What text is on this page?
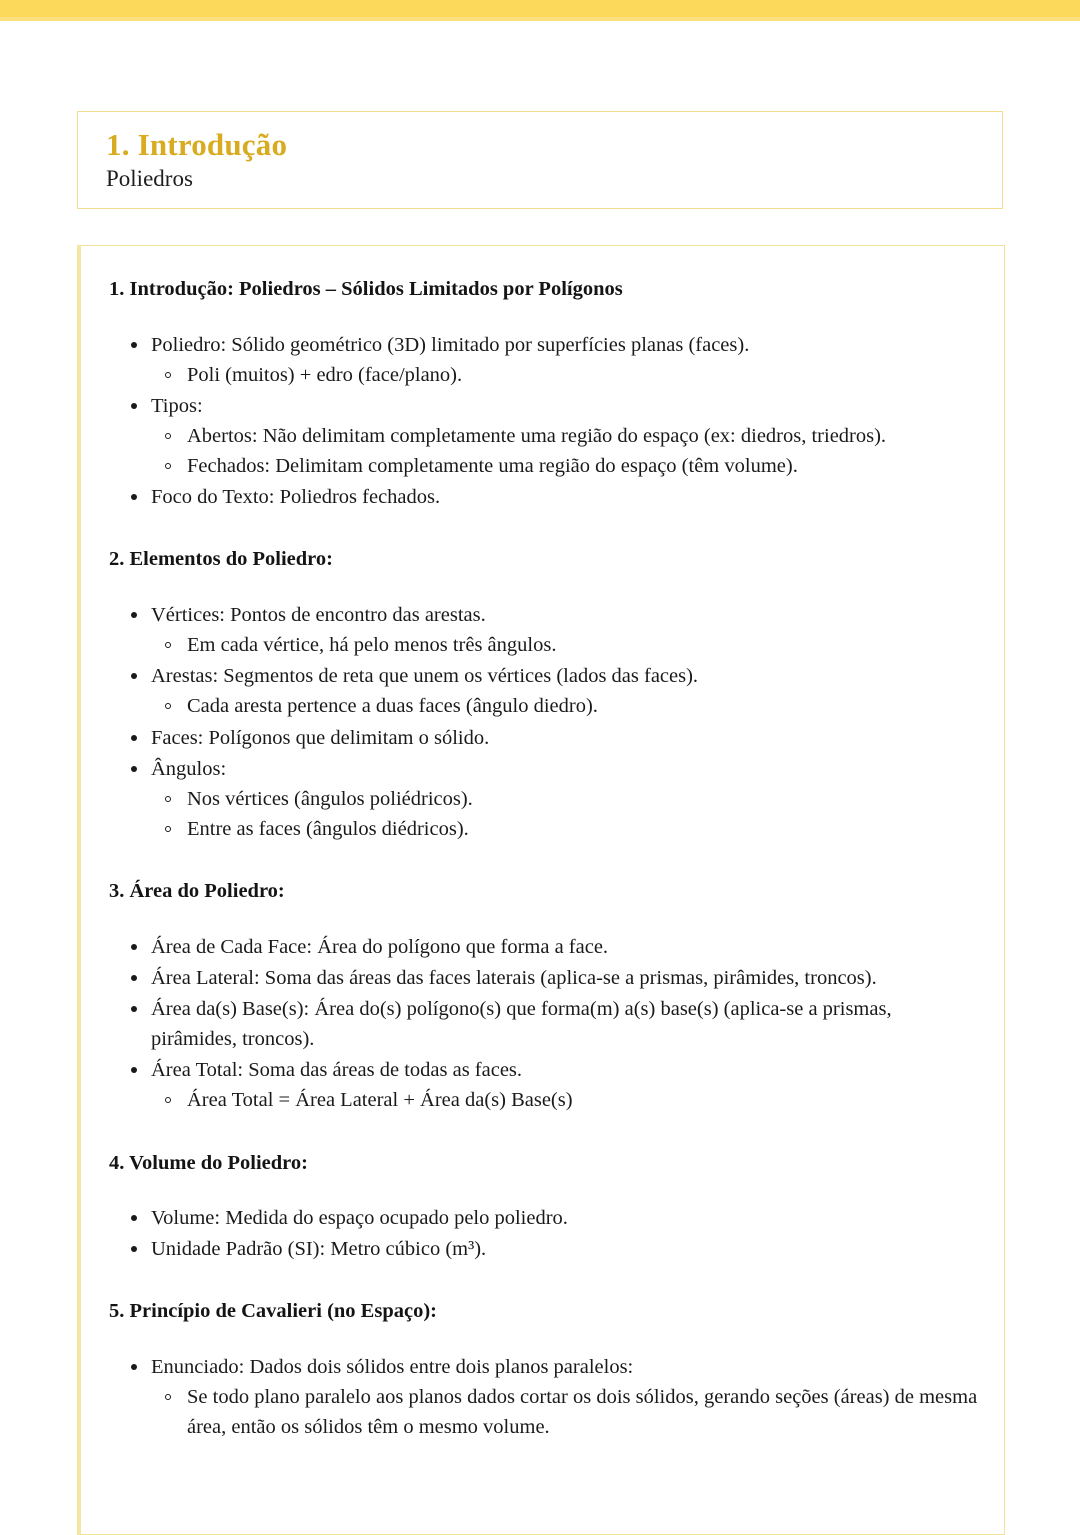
1. Introdução
Poliedros
1. Introdução: Poliedros – Sólidos Limitados por Polígonos
Poliedro: Sólido geométrico (3D) limitado por superfícies planas (faces).
Poli (muitos) + edro (face/plano).
Tipos:
Abertos: Não delimitam completamente uma região do espaço (ex: diedros, triedros).
Fechados: Delimitam completamente uma região do espaço (têm volume).
Foco do Texto: Poliedros fechados.
2. Elementos do Poliedro:
Vértices: Pontos de encontro das arestas.
Em cada vértice, há pelo menos três ângulos.
Arestas: Segmentos de reta que unem os vértices (lados das faces).
Cada aresta pertence a duas faces (ângulo diedro).
Faces: Polígonos que delimitam o sólido.
Ângulos:
Nos vértices (ângulos poliédricos).
Entre as faces (ângulos diédricos).
3. Área do Poliedro:
Área de Cada Face: Área do polígono que forma a face.
Área Lateral: Soma das áreas das faces laterais (aplica-se a prismas, pirâmides, troncos).
Área da(s) Base(s): Área do(s) polígono(s) que forma(m) a(s) base(s) (aplica-se a prismas, pirâmides, troncos).
Área Total: Soma das áreas de todas as faces.
Área Total = Área Lateral + Área da(s) Base(s)
4. Volume do Poliedro:
Volume: Medida do espaço ocupado pelo poliedro.
Unidade Padrão (SI): Metro cúbico (m³).
5. Princípio de Cavalieri (no Espaço):
Enunciado: Dados dois sólidos entre dois planos paralelos:
Se todo plano paralelo aos planos dados cortar os dois sólidos, gerando seções (áreas) de mesma área, então os sólidos têm o mesmo volume.
